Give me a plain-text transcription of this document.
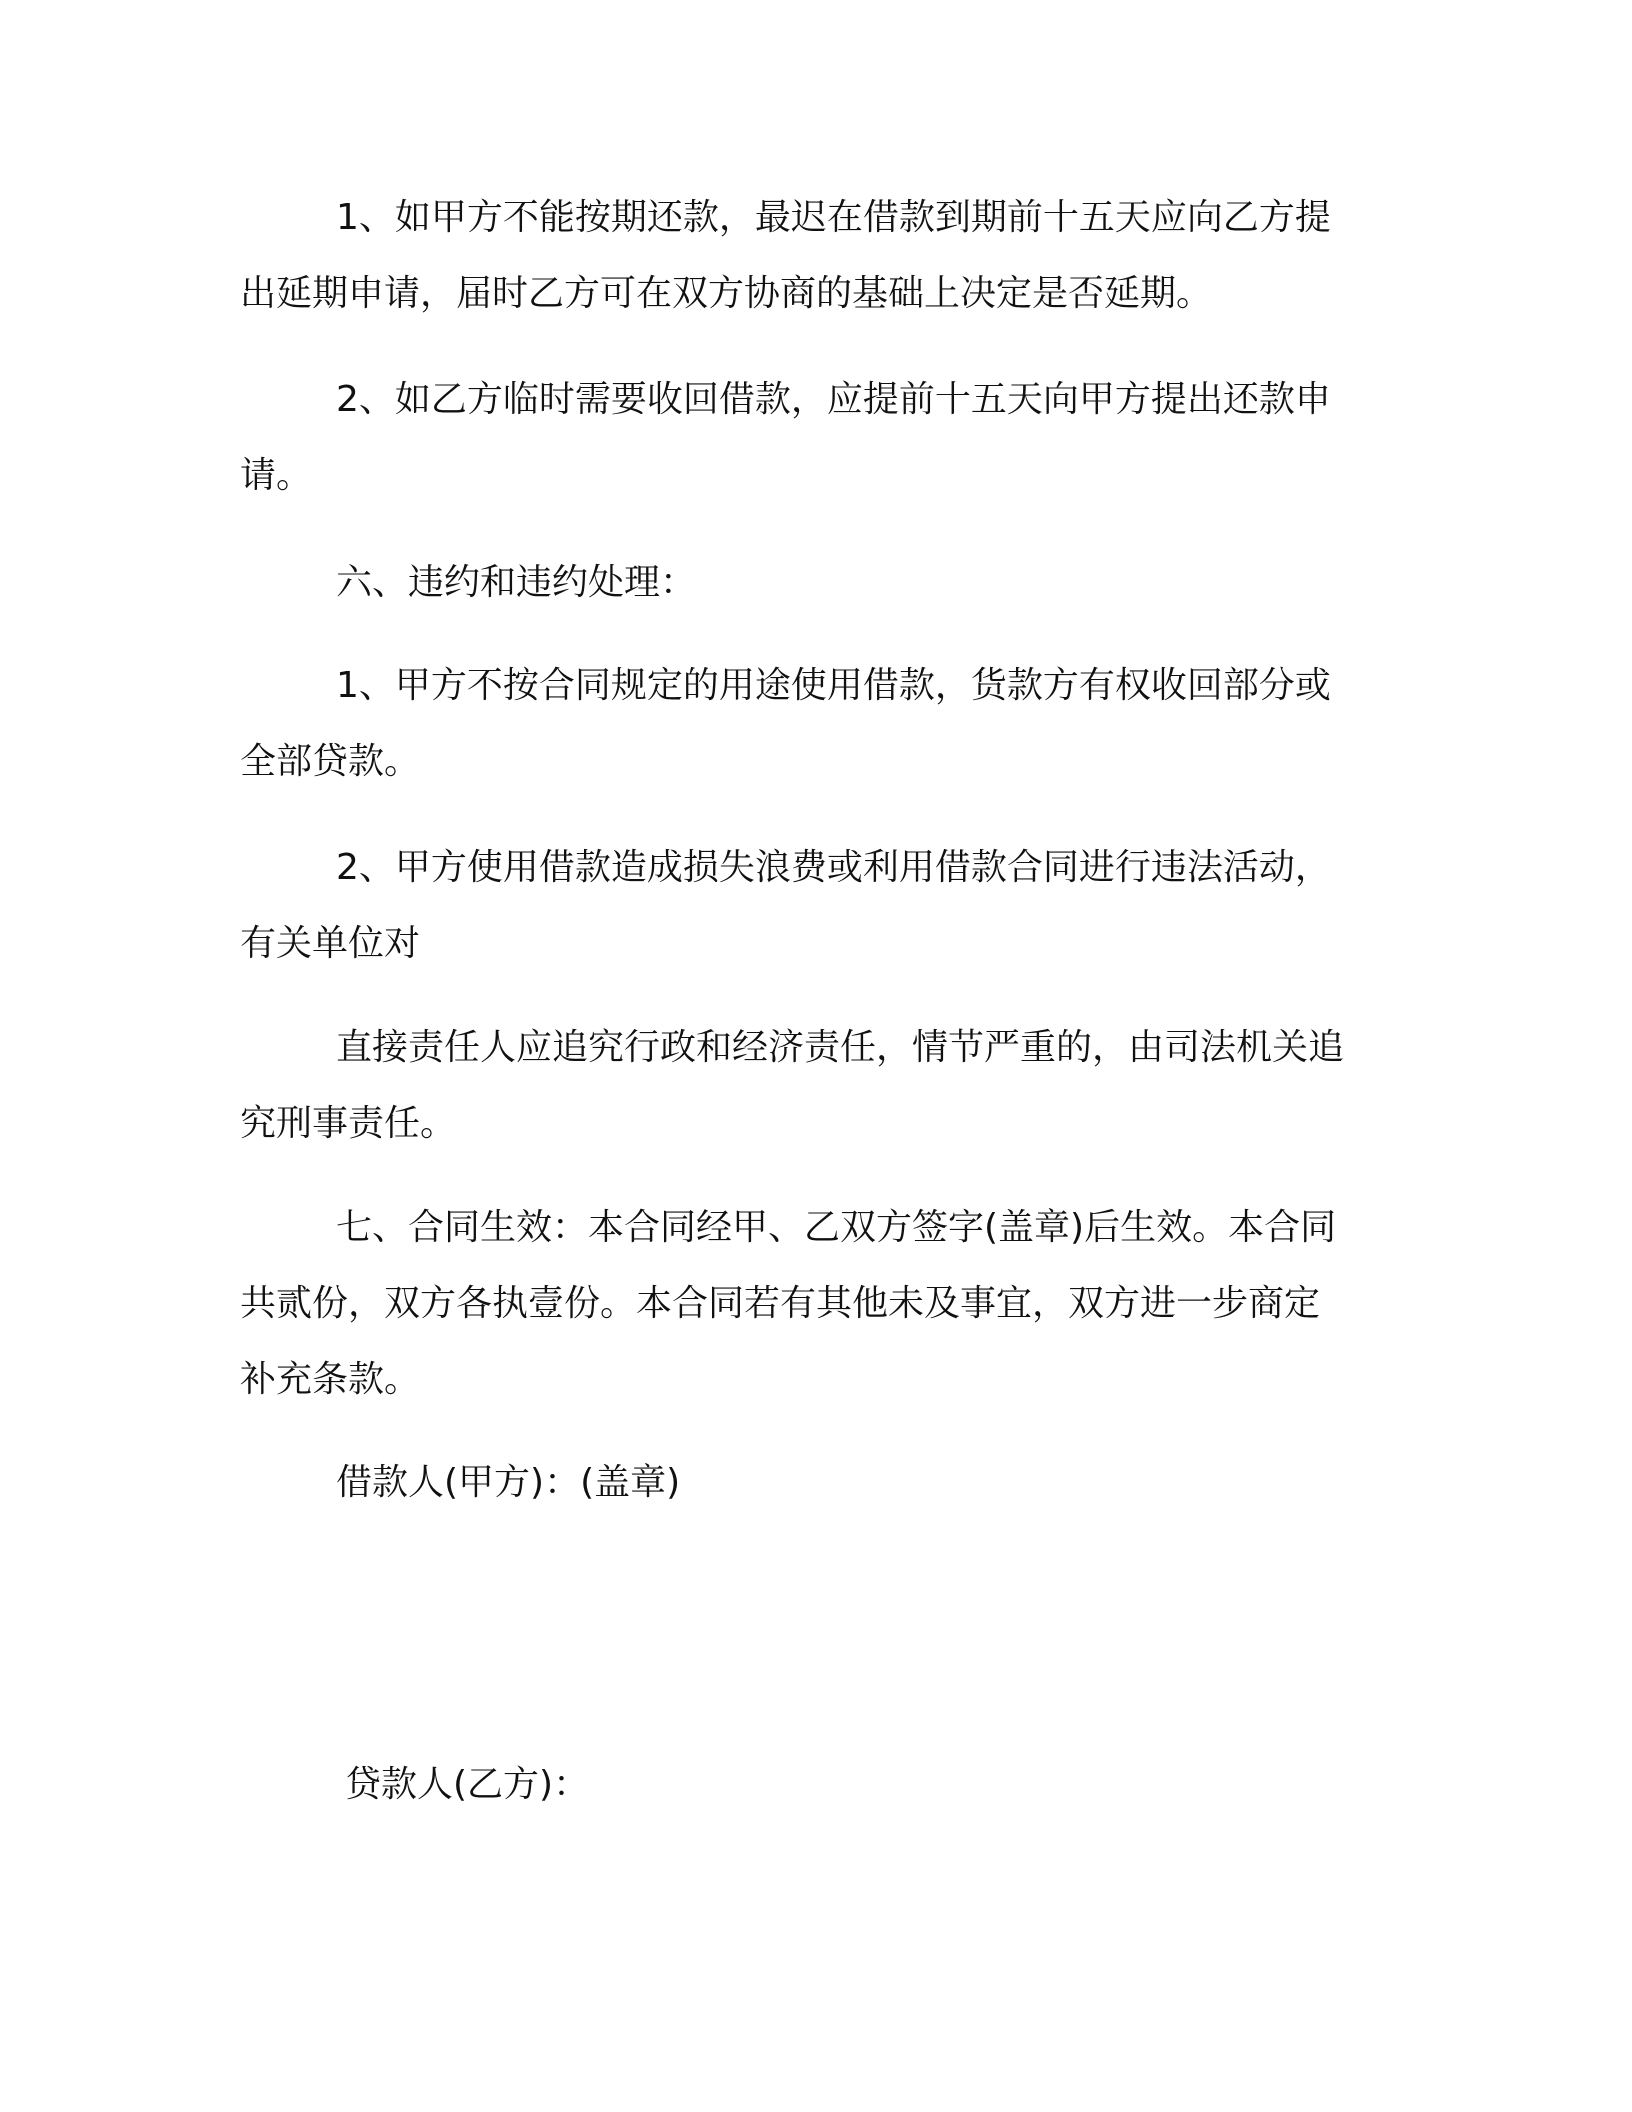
1、如甲方不能按期还款，最迟在借款到期前十五天应向乙方提
出延期申请，届时乙方可在双方协商的基础上决定是否延期。

2、如乙方临时需要收回借款，应提前十五天向甲方提出还款申
请。

六、违约和违约处理：

1、甲方不按合同规定的用途使用借款，货款方有权收回部分或
全部贷款。

2、甲方使用借款造成损失浪费或利用借款合同进行违法活动，
有关单位对

直接责任人应追究行政和经济责任，情节严重的，由司法机关追
究刑事责任。

七、合同生效：本合同经甲、乙双方签字(盖章)后生效。本合同
共贰份，双方各执壹份。本合同若有其他未及事宜，双方进一步商定
补充条款。

借款人(甲方)：(盖章)

贷款人(乙方)：
